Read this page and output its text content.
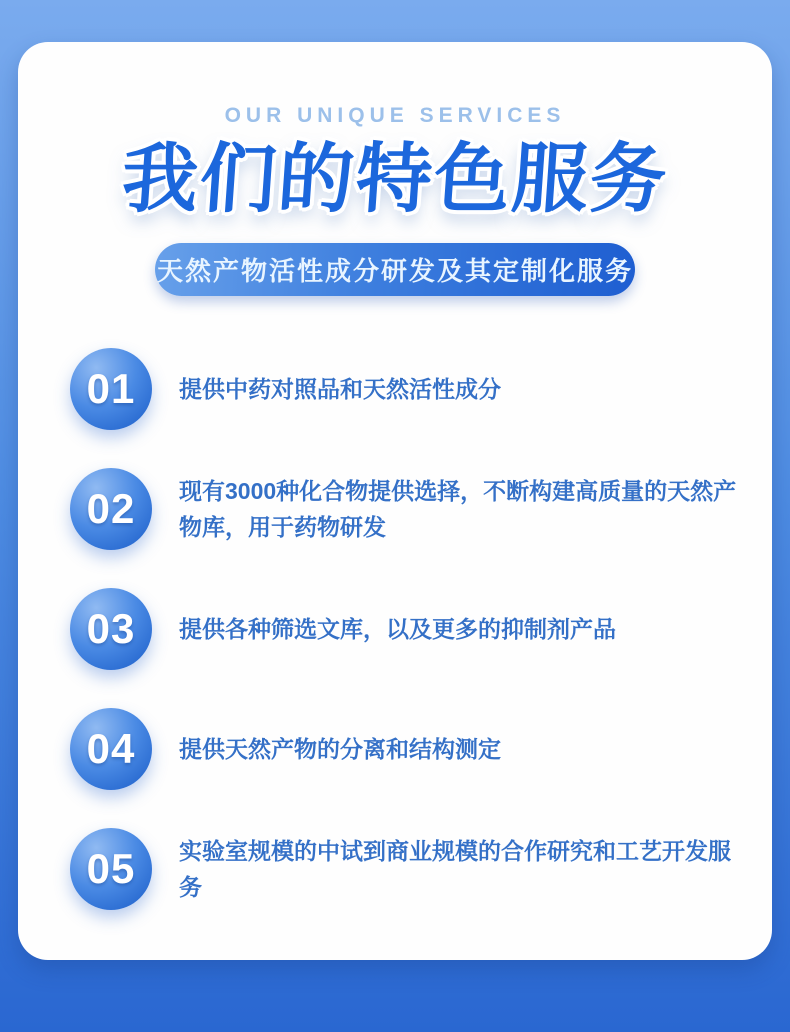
OUR UNIQUE SERVICES
我们的特色服务
天然产物活性成分研发及其定制化服务
01	提供中药对照品和天然活性成分
02	现有3000种化合物提供选择，不断构建高质量的天然产物库，用于药物研发
03	提供各种筛选文库，以及更多的抑制剂产品
04	提供天然产物的分离和结构测定
05	实验室规模的中试到商业规模的合作研究和工艺开发服务
